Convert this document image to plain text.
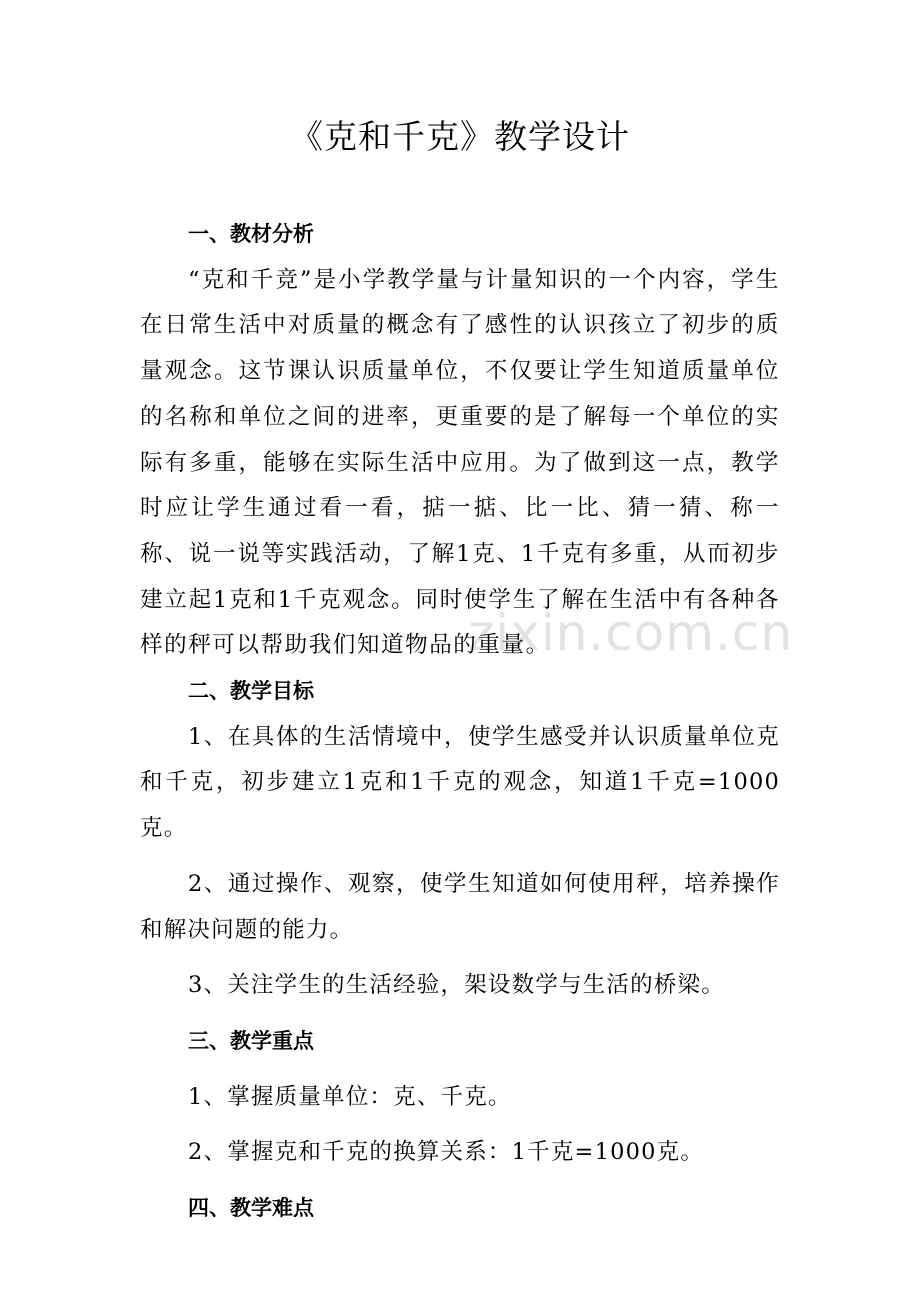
《克和千克》教学设计
zixin.com.cn
一、教材分析

“克和千竞”是小学教学量与计量知识的一个内容，学生在日常生活中对质量的概念有了感性的认识孩立了初步的质量观念。这节课认识质量单位，不仅要让学生知道质量单位的名称和单位之间的进率，更重要的是了解每一个单位的实际有多重，能够在实际生活中应用。为了做到这一点，教学时应让学生通过看一看，掂一掂、比一比、猜一猜、称一称、说一说等实践活动，了解1克、1千克有多重，从而初步建立起1克和1千克观念。同时使学生了解在生活中有各种各样的秤可以帮助我们知道物品的重量。

二、教学目标

1、在具体的生活情境中，使学生感受并认识质量单位克和千克，初步建立1克和1千克的观念，知道1千克=1000克。

2、通过操作、观察，使学生知道如何使用秤，培养操作和解决问题的能力。

3、关注学生的生活经验，架设数学与生活的桥梁。

三、教学重点

1、掌握质量单位：克、千克。

2、掌握克和千克的换算关系：1千克=1000克。

四、教学难点
